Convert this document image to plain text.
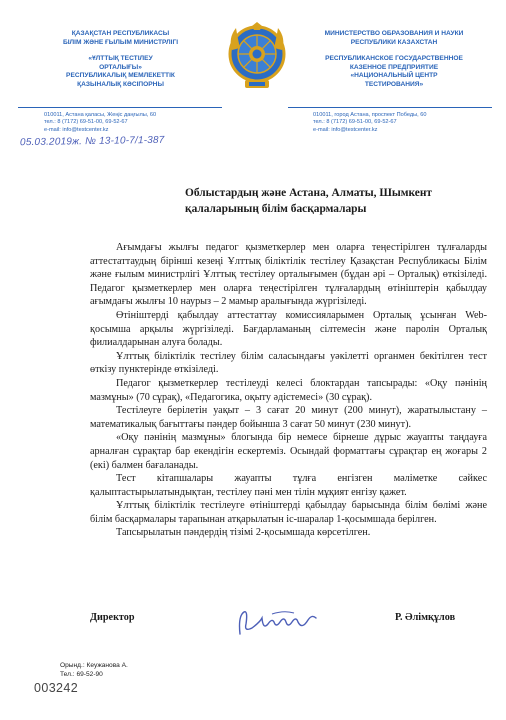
ҚАЗАҚСТАН РЕСПУБЛИКАСЫ
БІЛІМ ЖӘНЕ ҒЫЛЫМ МИНИСТРЛІГІ
«ҰЛТТЫҚ ТЕСТІЛЕУ
ОРТАЛЫҒЫ»
РЕСПУБЛИКАЛЫҚ МЕМЛЕКЕТТІК
ҚАЗЫНАЛЫҚ КӘСІПОРНЫ
МИНИСТЕРСТВО ОБРАЗОВАНИЯ И НАУКИ
РЕСПУБЛИКИ КАЗАХСТАН
РЕСПУБЛИКАНСКОЕ ГОСУДАРСТВЕННОЕ
КАЗЕННОЕ ПРЕДПРИЯТИЕ
«НАЦИОНАЛЬНЫЙ ЦЕНТР
ТЕСТИРОВАНИЯ»
010011, Астана қаласы, Жеңіс даңғылы, 60
тел.: 8 (7172) 69-51-00, 69-52-67
e-mail: info@testcenter.kz
010011, город Астана, проспект Победы, 60
тел.: 8 (7172) 69-51-00, 69-52-67
e-mail: info@testcenter.kz
05.03.2019ж. № 13-10-7/1-387
Облыстардың және Астана, Алматы, Шымкент
қалаларының білім басқармалары

Ағымдағы жылғы педагог қызметкерлер мен оларға теңестірілген тұлғаларды аттестаттаудың бірінші кезеңі Ұлттық біліктілік тестілеу Қазақстан Республикасы Білім және ғылым министрлігі Ұлттық тестілеу орталығымен (бұдан әрі – Орталық) өткізіледі. Педагог қызметкерлер мен оларға теңестірілген тұлғалардың өтініштерін қабылдау ағымдағы жылғы 10 наурыз – 2 мамыр аралығында жүргізіледі.

Өтініштерді қабылдау аттестаттау комиссияларымен Орталық ұсынған Web-қосымша арқылы жүргізіледі. Бағдарламаның сілтемесін және паролін Орталық филиалдарынан алуға болады.

Ұлттық біліктілік тестілеу білім саласындағы уәкілетті органмен бекітілген тест өткізу пунктерінде өткізіледі.

Педагог қызметкерлер тестілеуді келесі блоктардан тапсырады: «Оқу пәнінің мазмұны» (70 сұрақ), «Педагогика, оқыту әдістемесі» (30 сұрақ).

Тестілеуге берілетін уақыт – 3 сағат 20 минут (200 минут), жаратылыстану – математикалық бағыттағы пәндер бойынша 3 сағат 50 минут (230 минут).

«Оқу пәнінің мазмұны» блогында бір немесе бірнеше дұрыс жауапты таңдауға арналған сұрақтар бар екендігін ескертеміз. Осындай форматтағы сұрақтар ең жоғары 2 (екі) балмен бағаланады.

Тест кітапшалары жауапты тұлға енгізген мәліметке сәйкес қалыптастырылатындықтан, тестілеу пәні мен тілін мұқият енгізу қажет.

Ұлттық біліктілік тестілеуге өтініштерді қабылдау барысында білім бөлімі және білім басқармалары тарапынан атқарылатын іс-шаралар 1-қосымшада берілген.

Тапсырылатын пәндердің тізімі 2-қосымшада көрсетілген.

Директор	Р. Әлімқұлов
Орынд.: Кеужанова А.
Тел.: 69-52-90
003242
